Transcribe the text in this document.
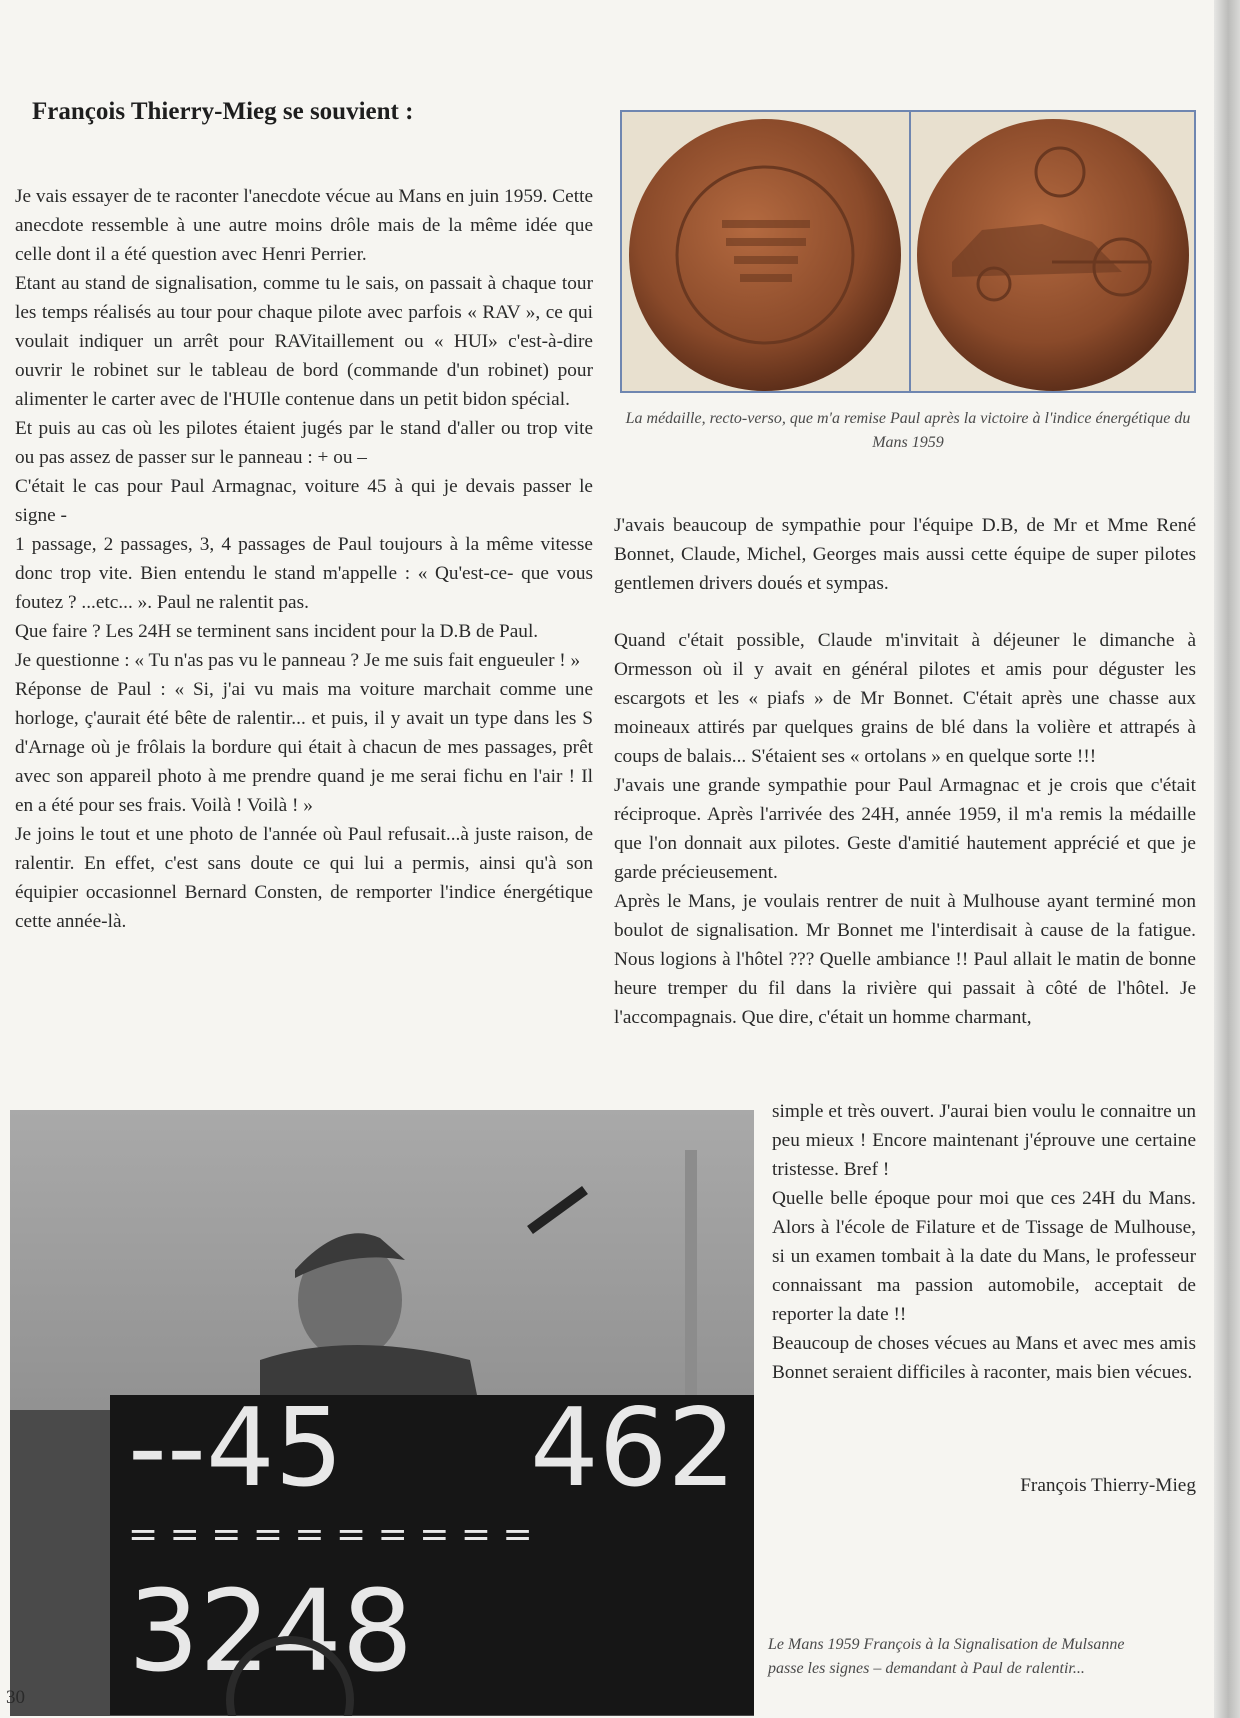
François Thierry-Mieg se souvient :

Je vais essayer de te raconter l'anecdote vécue au Mans en juin 1959. Cette anecdote ressemble à une autre moins drôle mais de la même idée que celle dont il a été question avec Henri Perrier.

Etant au stand de signalisation, comme tu le sais, on passait à chaque tour les temps réalisés au tour pour chaque pilote avec parfois « RAV », ce qui voulait indiquer un arrêt pour RAVitaillement ou « HUI» c'est-à-dire ouvrir le robinet sur le tableau de bord (commande d'un robinet) pour alimenter le carter avec de l'HUIle contenue dans un petit bidon spécial.

Et puis au cas où les pilotes étaient jugés par le stand d'aller ou trop vite ou pas assez de passer sur le panneau : + ou –

C'était le cas pour Paul Armagnac, voiture 45 à qui je devais passer le signe -

1 passage, 2 passages, 3, 4 passages de Paul toujours à la même vitesse donc trop vite. Bien entendu le stand m'appelle : « Qu'est-ce- que vous foutez ? ...etc... ». Paul ne ralentit pas.

Que faire ? Les 24H se terminent sans incident pour la D.B de Paul.

Je questionne : « Tu n'as pas vu le panneau ? Je me suis fait engueuler ! »

Réponse de Paul : « Si, j'ai vu mais ma voiture marchait comme une horloge, ç'aurait été bête de ralentir... et puis, il y avait un type dans les S d'Arnage où je frôlais la bordure qui était à chacun de mes passages, prêt avec son appareil photo à me prendre quand je me serai fichu en l'air ! Il en a été pour ses frais. Voilà ! Voilà ! »

Je joins le tout et une photo de l'année où Paul refusait...à juste raison, de ralentir. En effet, c'est sans doute ce qui lui a permis, ainsi qu'à son équipier occasionnel Bernard Consten, de remporter l'indice énergétique cette année-là.

La médaille, recto-verso, que m'a remise Paul après la victoire à l'indice énergétique du Mans 1959

J'avais beaucoup de sympathie pour l'équipe D.B, de Mr et Mme René Bonnet, Claude, Michel, Georges mais aussi cette équipe de super pilotes gentlemen drivers doués et sympas.

Quand c'était possible, Claude m'invitait à déjeuner le dimanche à Ormesson où il y avait en général pilotes et amis pour déguster les escargots et les « piafs » de Mr Bonnet. C'était après une chasse aux moineaux attirés par quelques grains de blé dans la volière et attrapés à coups de balais... S'étaient ses « ortolans » en quelque sorte !!!

J'avais une grande sympathie pour Paul Armagnac et je crois que c'était réciproque. Après l'arrivée des 24H, année 1959, il m'a remis la médaille que l'on donnait aux pilotes. Geste d'amitié hautement apprécié et que je garde précieusement.

Après le Mans, je voulais rentrer de nuit à Mulhouse ayant terminé mon boulot de signalisation. Mr Bonnet me l'interdisait à cause de la fatigue. Nous logions à l'hôtel ??? Quelle ambiance !! Paul allait le matin de bonne heure tremper du fil dans la rivière qui passait à côté de l'hôtel. Je l'accompagnais. Que dire, c'était un homme charmant,

simple et très ouvert. J'aurai bien voulu le connaitre un peu mieux ! Encore maintenant j'éprouve une certaine tristesse. Bref !

Quelle belle époque pour moi que ces 24H du Mans. Alors à l'école de Filature et de Tissage de Mulhouse, si un examen tombait à la date du Mans, le professeur connaissant ma passion automobile, acceptait de reporter la date !!

Beaucoup de choses vécues au Mans et avec mes amis Bonnet seraient difficiles à raconter, mais bien vécues.

François Thierry-Mieg
--45 462
= = = = = = = = = =
3248	Le Mans 1959 François à la Signalisation de Mulsanne passe les signes – demandant à Paul de ralentir...
30
